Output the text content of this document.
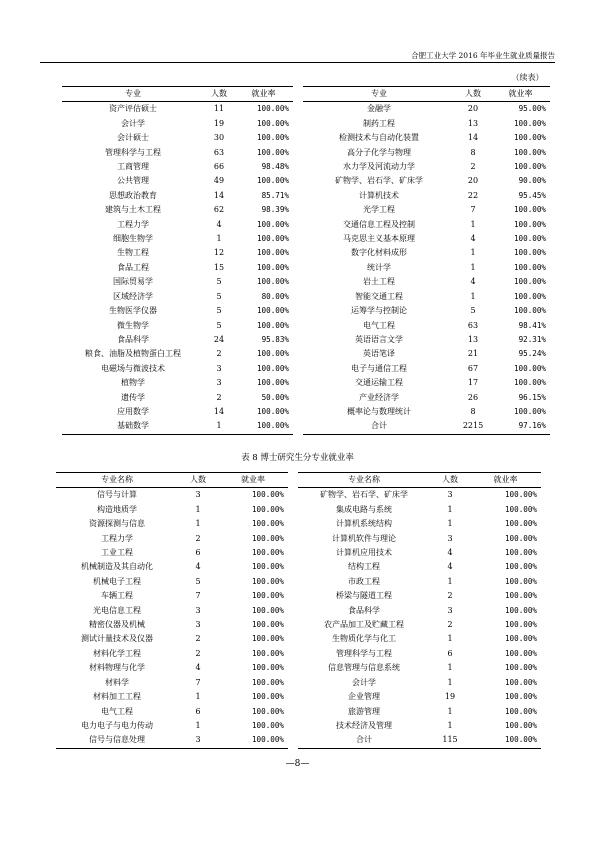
合肥工业大学 2016 年毕业生就业质量报告
（续表）
专业	人数	就业率
资产评估硕士	11	100.00%
会计学	19	100.00%
会计硕士	30	100.00%
管理科学与工程	63	100.00%
工商管理	66	98.48%
公共管理	49	100.00%
思想政治教育	14	85.71%
建筑与土木工程	62	98.39%
工程力学	4	100.00%
细胞生物学	1	100.00%
生物工程	12	100.00%
食品工程	15	100.00%
国际贸易学	5	100.00%
区域经济学	5	80.00%
生物医学仪器	5	100.00%
微生物学	5	100.00%
食品科学	24	95.83%
粮食、油脂及植物蛋白工程	2	100.00%
电磁场与微波技术	3	100.00%
植物学	3	100.00%
遗传学	2	50.00%
应用数学	14	100.00%
基础数学	1	100.00%
专业	人数	就业率
金融学	20	95.00%
制药工程	13	100.00%
检测技术与自动化装置	14	100.00%
高分子化学与物理	8	100.00%
水力学及河流动力学	2	100.00%
矿物学、岩石学、矿床学	20	90.00%
计算机技术	22	95.45%
光学工程	7	100.00%
交通信息工程及控制	1	100.00%
马克思主义基本原理	4	100.00%
数字化材料成形	1	100.00%
统计学	1	100.00%
岩土工程	4	100.00%
智能交通工程	1	100.00%
运筹学与控制论	5	100.00%
电气工程	63	98.41%
英语语言文学	13	92.31%
英语笔译	21	95.24%
电子与通信工程	67	100.00%
交通运输工程	17	100.00%
产业经济学	26	96.15%
概率论与数理统计	8	100.00%
合计	2215	97.16%
表 8 博士研究生分专业就业率
专业名称	人数	就业率
信号与计算	3	100.00%
构造地质学	1	100.00%
资源探测与信息	1	100.00%
工程力学	2	100.00%
工业工程	6	100.00%
机械制造及其自动化	4	100.00%
机械电子工程	5	100.00%
车辆工程	7	100.00%
光电信息工程	3	100.00%
精密仪器及机械	3	100.00%
测试计量技术及仪器	2	100.00%
材料化学工程	2	100.00%
材料物理与化学	4	100.00%
材料学	7	100.00%
材料加工工程	1	100.00%
电气工程	6	100.00%
电力电子与电力传动	1	100.00%
信号与信息处理	3	100.00%
专业名称	人数	就业率
矿物学、岩石学、矿床学	3	100.00%
集成电路与系统	1	100.00%
计算机系统结构	1	100.00%
计算机软件与理论	3	100.00%
计算机应用技术	4	100.00%
结构工程	4	100.00%
市政工程	1	100.00%
桥梁与隧道工程	2	100.00%
食品科学	3	100.00%
农产品加工及贮藏工程	2	100.00%
生物质化学与化工	1	100.00%
管理科学与工程	6	100.00%
信息管理与信息系统	1	100.00%
会计学	1	100.00%
企业管理	19	100.00%
旅游管理	1	100.00%
技术经济及管理	1	100.00%
合计	115	100.00%
—8—
